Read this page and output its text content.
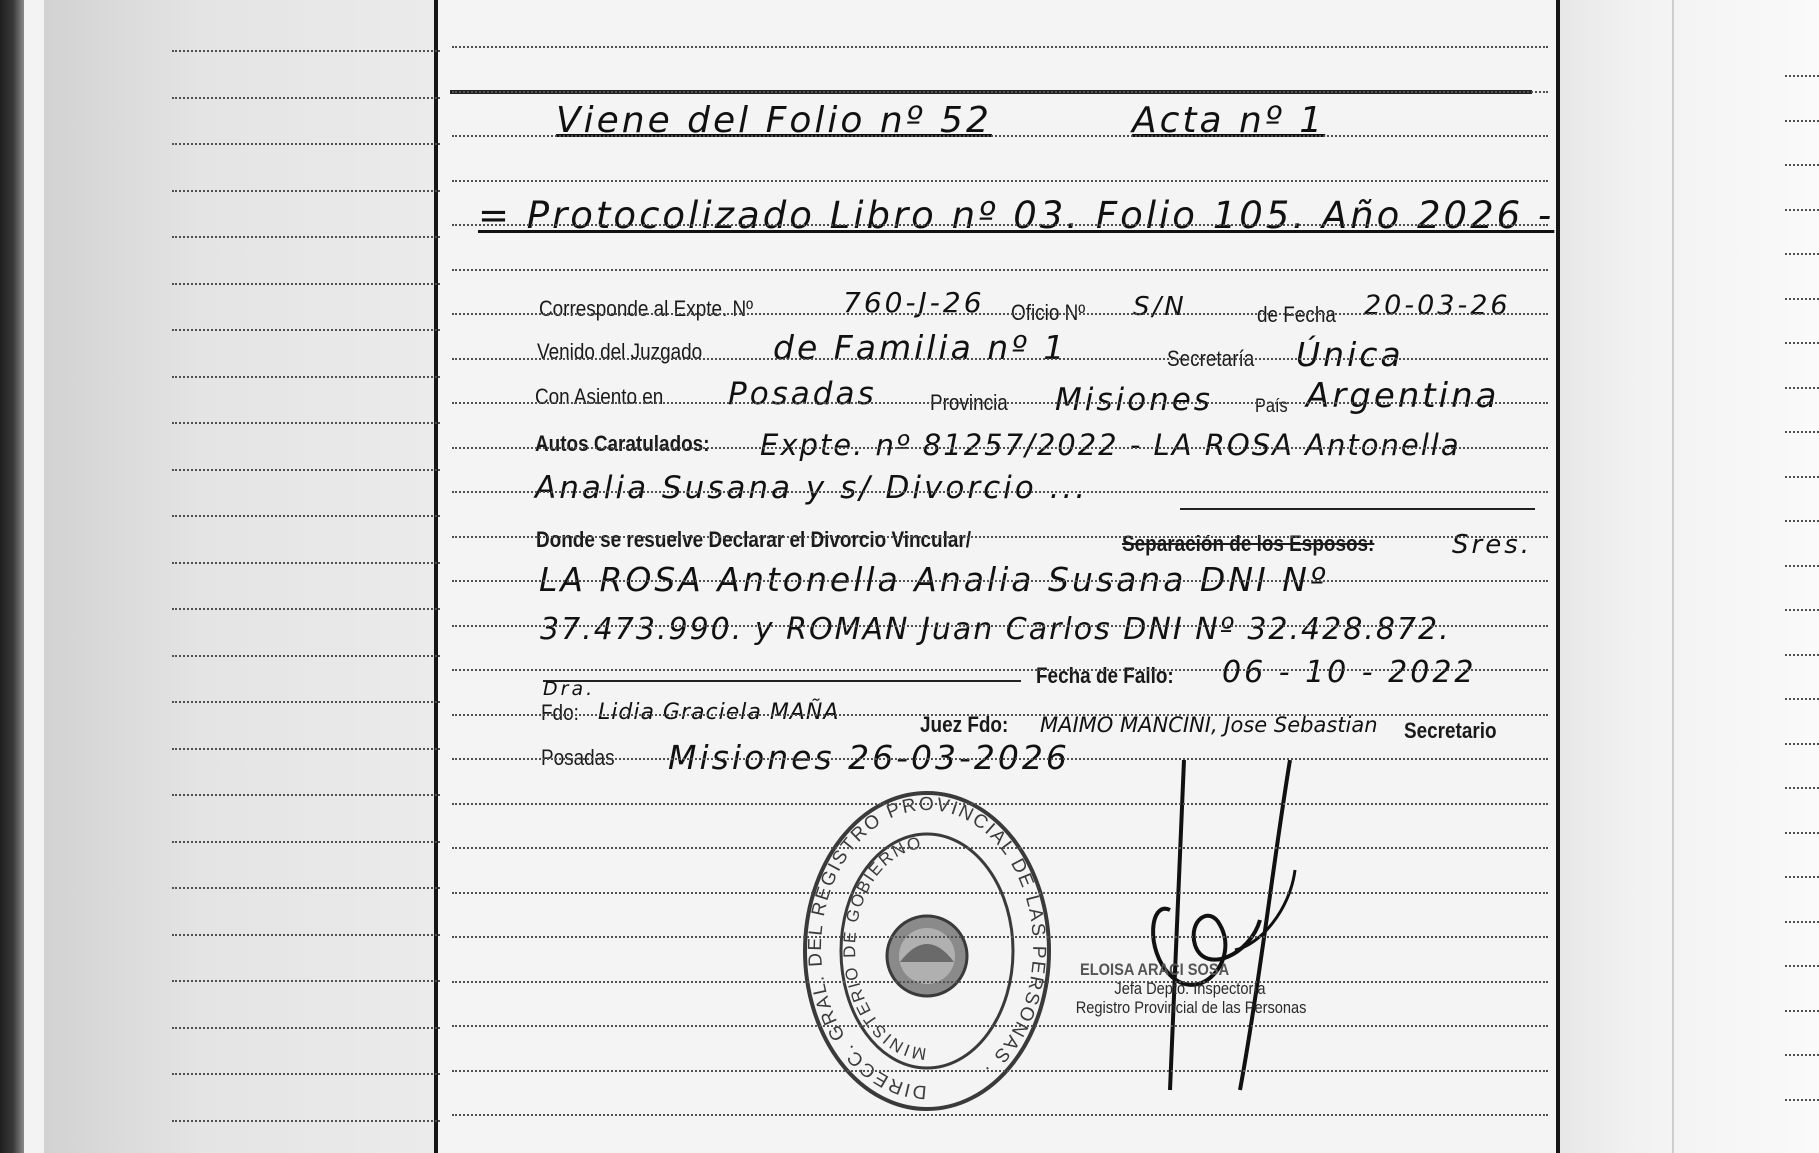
Viene del Folio nº 52	Acta nº 1
= Protocolizado Libro nº 03. Folio 105. Año 2026 -
Corresponde al Expte. Nº	760-J-26 Oficio Nº S/N	de Fecha 20-03-26
Venido del Juzgado de Familia nº 1	Secretaría Única
Con Asiento en Posadas Provincia Misiones País Argentina
Autos Caratulados: Expte. nº 81257/2022 - LA ROSA Antonella
Analia Susana y s/ Divorcio ...
Donde se resuelve Declarar el Divorcio Vincular/	Separación de los Esposos:	Sres.
LA ROSA Antonella Analia Susana DNI Nº
37.473.990. y ROMAN Juan Carlos DNI Nº 32.428.872.
Fecha de Fallo: 06 - 10 - 2022
Dra.
Fdo: Lidia Graciela MAÑA	Juez Fdo: MAIMO MANCINI, Jose Sebastian Secretario
Posadas Misiones 26-03-2026
DIRECC. GRAL. DEL REGISTRO PROVINCIAL DE LAS PERSONAS ·
MINISTERIO DE GOBIERNO
ELOISA ARACI SOSA
Jefa Depto. Inspectoría
Registro Provincial de las Personas
